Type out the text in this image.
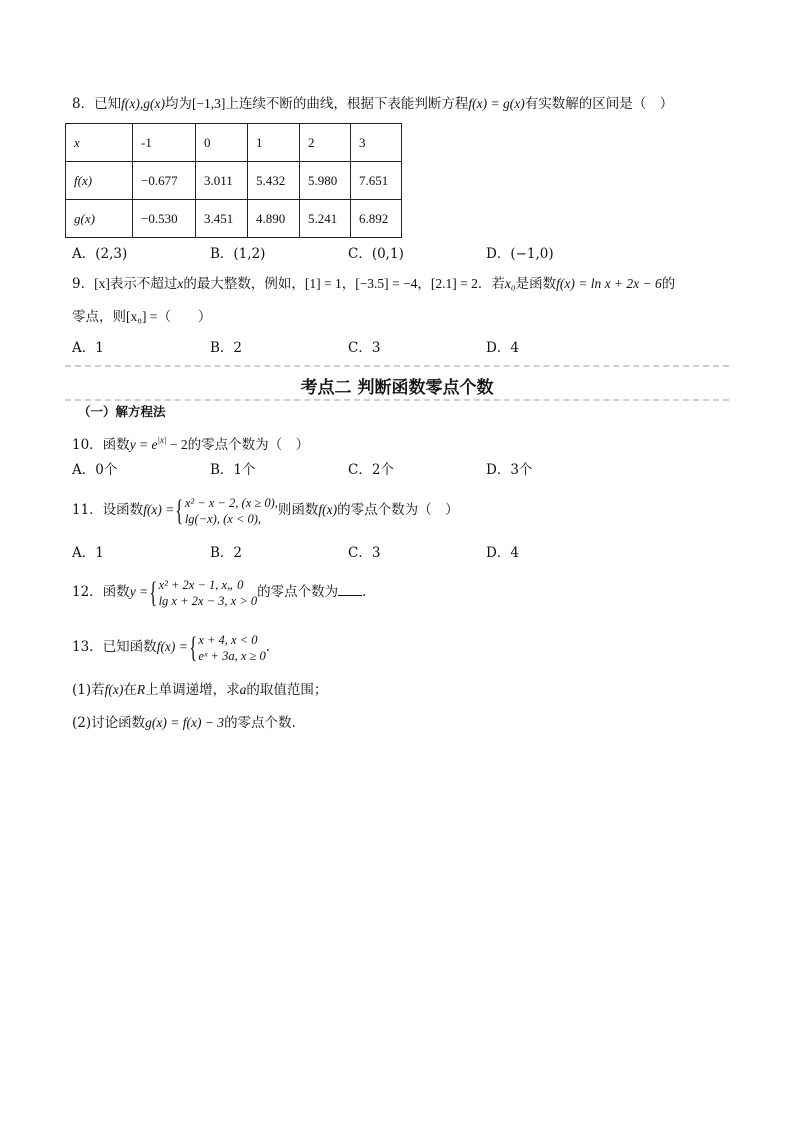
8．已知f(x),g(x)均为[−1,3]上连续不断的曲线，根据下表能判断方程f(x) = g(x)有实数解的区间是（　）
x	-1	0	1	2	3
f(x)	−0.677	3.011	5.432	5.980	7.651
g(x)	−0.530	3.451	4.890	5.241	6.892
A．(2,3)	B．(1,2)	C．(0,1)	D．(−1,0)
9．[x]表示不超过x的最大整数，例如，[1] = 1，[−3.5] = −4，[2.1] = 2．若x₀是函数f(x) = ln x + 2x − 6的
零点，则[x₀] =（　　）
A．1	B．2	C．3	D．4
考点二 判断函数零点个数
（一）解方程法
10．函数$y = e^{|x|} - 2$的零点个数为（　）
A．0个	B．1个	C．2个	D．3个
11．设函数f(x) ={ x² − x − 2, (x ≥ 0),
lg(−x), (x < 0),
则函数f(x)的零点个数为（　）
A．1	B．2	C．3	D．4
12．函数y ={ x² + 2x − 1, x„ 0
lg x + 2x − 3, x > 0
的零点个数为 ．
13．已知函数f(x) ={ x + 4, x < 0
eˣ + 3a, x ≥ 0
.
(1)若f(x)在R上单调递增，求a的取值范围；
(2)讨论函数g(x) = f(x) − 3的零点个数.
